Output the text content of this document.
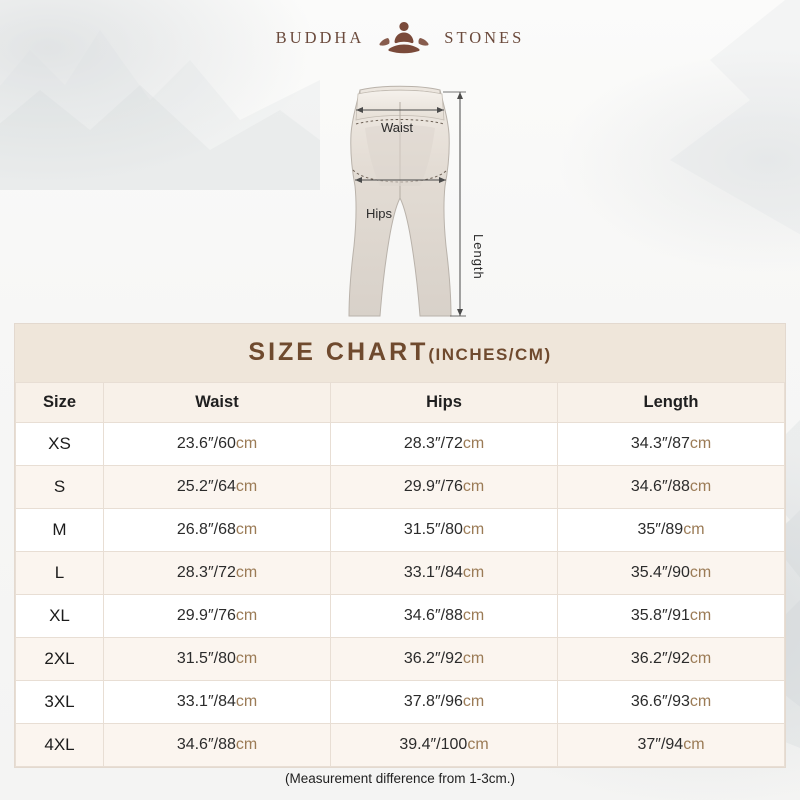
BUDDHA	STONES
Waist
Hips
Length
SIZE CHART(INCHES/CM)
Size	Waist	Hips	Length
XS	23.6″/60cm	28.3″/72cm	34.3″/87cm
S	25.2″/64cm	29.9″/76cm	34.6″/88cm
M	26.8″/68cm	31.5″/80cm	35″/89cm
L	28.3″/72cm	33.1″/84cm	35.4″/90cm
XL	29.9″/76cm	34.6″/88cm	35.8″/91cm
2XL	31.5″/80cm	36.2″/92cm	36.2″/92cm
3XL	33.1″/84cm	37.8″/96cm	36.6″/93cm
4XL	34.6″/88cm	39.4″/100cm	37″/94cm
(Measurement difference from 1-3cm.)
